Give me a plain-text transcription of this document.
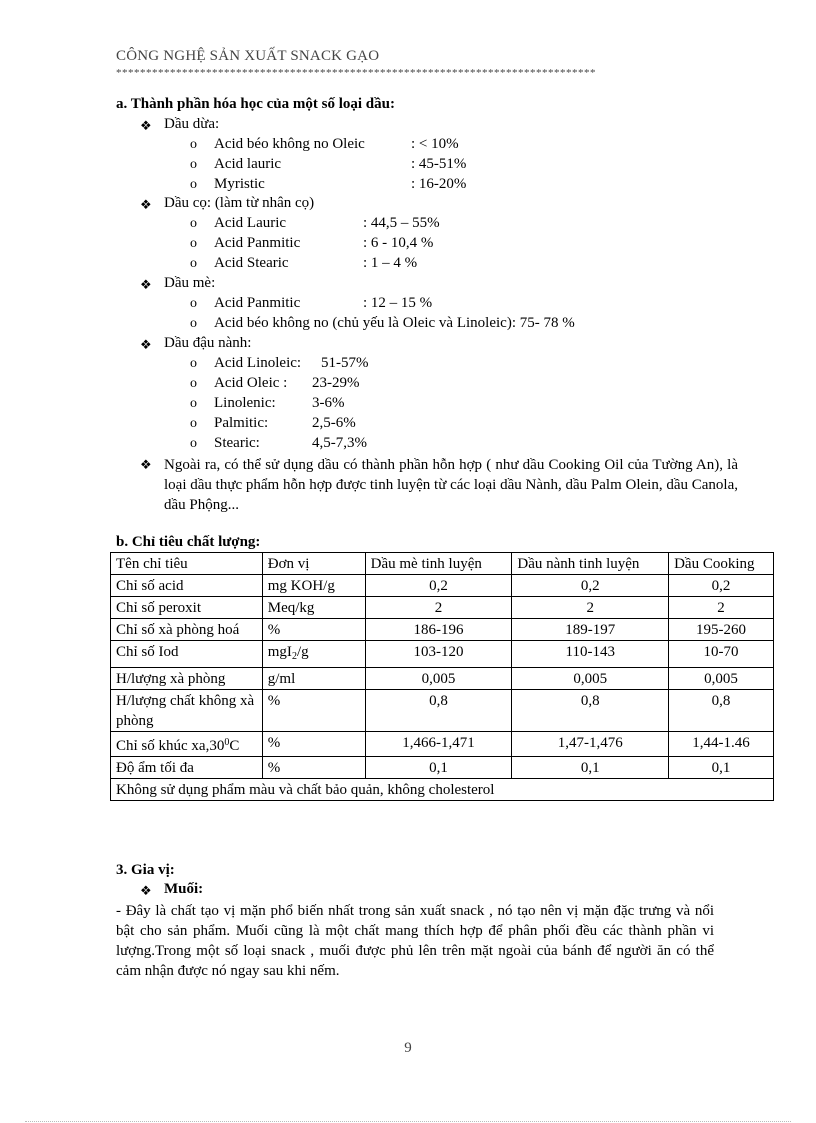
CÔNG NGHỆ SẢN XUẤT SNACK GẠO
********************************************************************************
a. Thành phần hóa học của một số loại dầu:
❖ Dầu dừa:
o Acid béo không no Oleic	: < 10%
o Acid lauric	: 45-51%
o Myristic	: 16-20%
❖ Dầu cọ: (làm từ nhân cọ)
o Acid Lauric	: 44,5 – 55%
o Acid Panmitic	: 6 - 10,4 %
o Acid Stearic	: 1 – 4 %
❖ Dầu mè:
o Acid Panmitic	: 12 – 15 %
o Acid béo không no (chủ yếu là Oleic và Linoleic): 75- 78 %
❖ Dầu đậu nành:
o Acid Linoleic: 51-57%
o Acid Oleic : 23-29%
o Linolenic: 3-6%
o Palmitic:	2,5-6%
o Stearic:	4,5-7,3%
❖ Ngoài ra, có thể sử dụng dầu có thành phần hỗn hợp ( như dầu Cooking Oil của Tường An), là loại dầu thực phẩm hỗn hợp được tinh luyện từ các loại dầu Nành, dầu Palm Olein, dầu Canola, dầu Phộng...
b. Chỉ tiêu chất lượng:
Tên chỉ tiêu	Đơn vị	Dầu mè tinh luyện	Dầu nành tinh luyện	Dầu Cooking
Chỉ số acid	mg KOH/g	0,2	0,2	0,2
Chỉ số peroxit	Meq/kg	2	2	2
Chỉ số xà phòng hoá	%	186-196	189-197	195-260
Chỉ số Iod	mgI$_2$/g	103-120	110-143	10-70
H/lượng xà phòng	g/ml	0,005	0,005	0,005
H/lượng chất không xà phòng	%	0,8	0,8	0,8
Chỉ số khúc $xa,30^0C$	%	1,466-1,471	1,47-1,476	1,44-1.46
Độ ẩm tối đa	%	0,1	0,1	0,1
Không sử dụng phẩm màu và chất bảo quản, không cholesterol				
3. Gia vị:
❖ Muối:
- Đây là chất tạo vị mặn phổ biến nhất trong sản xuất snack , nó tạo nên vị mặn đặc trưng và nổi bật cho sản phẩm. Muối cũng là một chất mang thích hợp để phân phối đều các thành phần vi lượng.Trong một số loại snack , muối được phủ lên trên mặt ngoài của bánh để người ăn có thể cảm nhận được nó ngay sau khi nếm.
9
